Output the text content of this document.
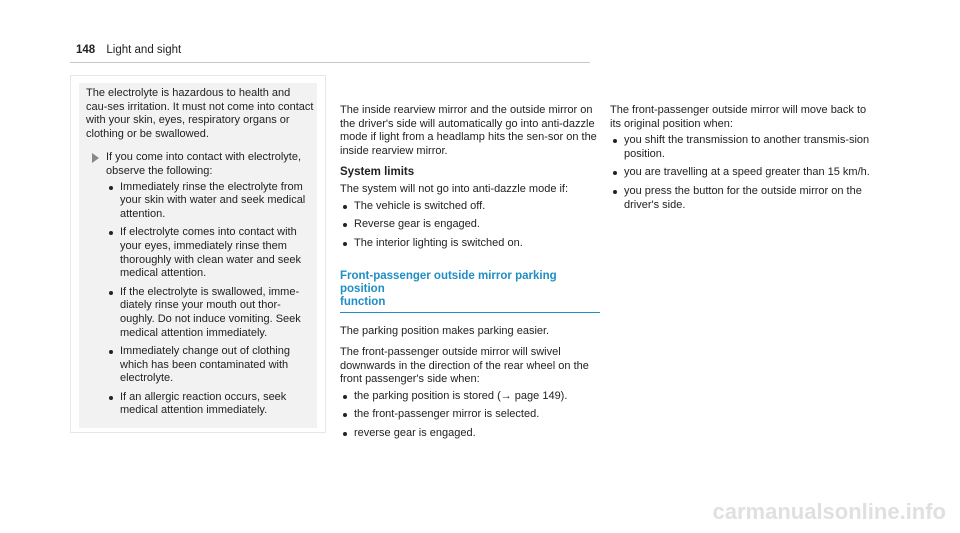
148 Light and sight

The electrolyte is hazardous to health and cau-ses irritation. It must not come into contact with your skin, eyes, respiratory organs or clothing or be swallowed.

If you come into contact with electrolyte, observe the following:
Immediately rinse the electrolyte from your skin with water and seek medical attention.
If electrolyte comes into contact with your eyes, immediately rinse them thoroughly with clean water and seek medical attention.
If the electrolyte is swallowed, imme-diately rinse your mouth out thor-oughly. Do not induce vomiting. Seek medical attention immediately.
Immediately change out of clothing which has been contaminated with electrolyte.
If an allergic reaction occurs, seek medical attention immediately.

The inside rearview mirror and the outside mirror on the driver's side will automatically go into anti-dazzle mode if light from a headlamp hits the sen-sor on the inside rearview mirror.

System limits

The system will not go into anti-dazzle mode if:

The vehicle is switched off.
Reverse gear is engaged.
The interior lighting is switched on.
Front-passenger outside mirror parking position
function

The parking position makes parking easier.

The front-passenger outside mirror will swivel downwards in the direction of the rear wheel on the front passenger's side when:

the parking position is stored (→ page 149).
the front-passenger mirror is selected.
reverse gear is engaged.

The front-passenger outside mirror will move back to its original position when:

you shift the transmission to another transmis-sion position.
you are travelling at a speed greater than 15 km/h.
you press the button for the outside mirror on the driver's side.
carmanualsonline.info
